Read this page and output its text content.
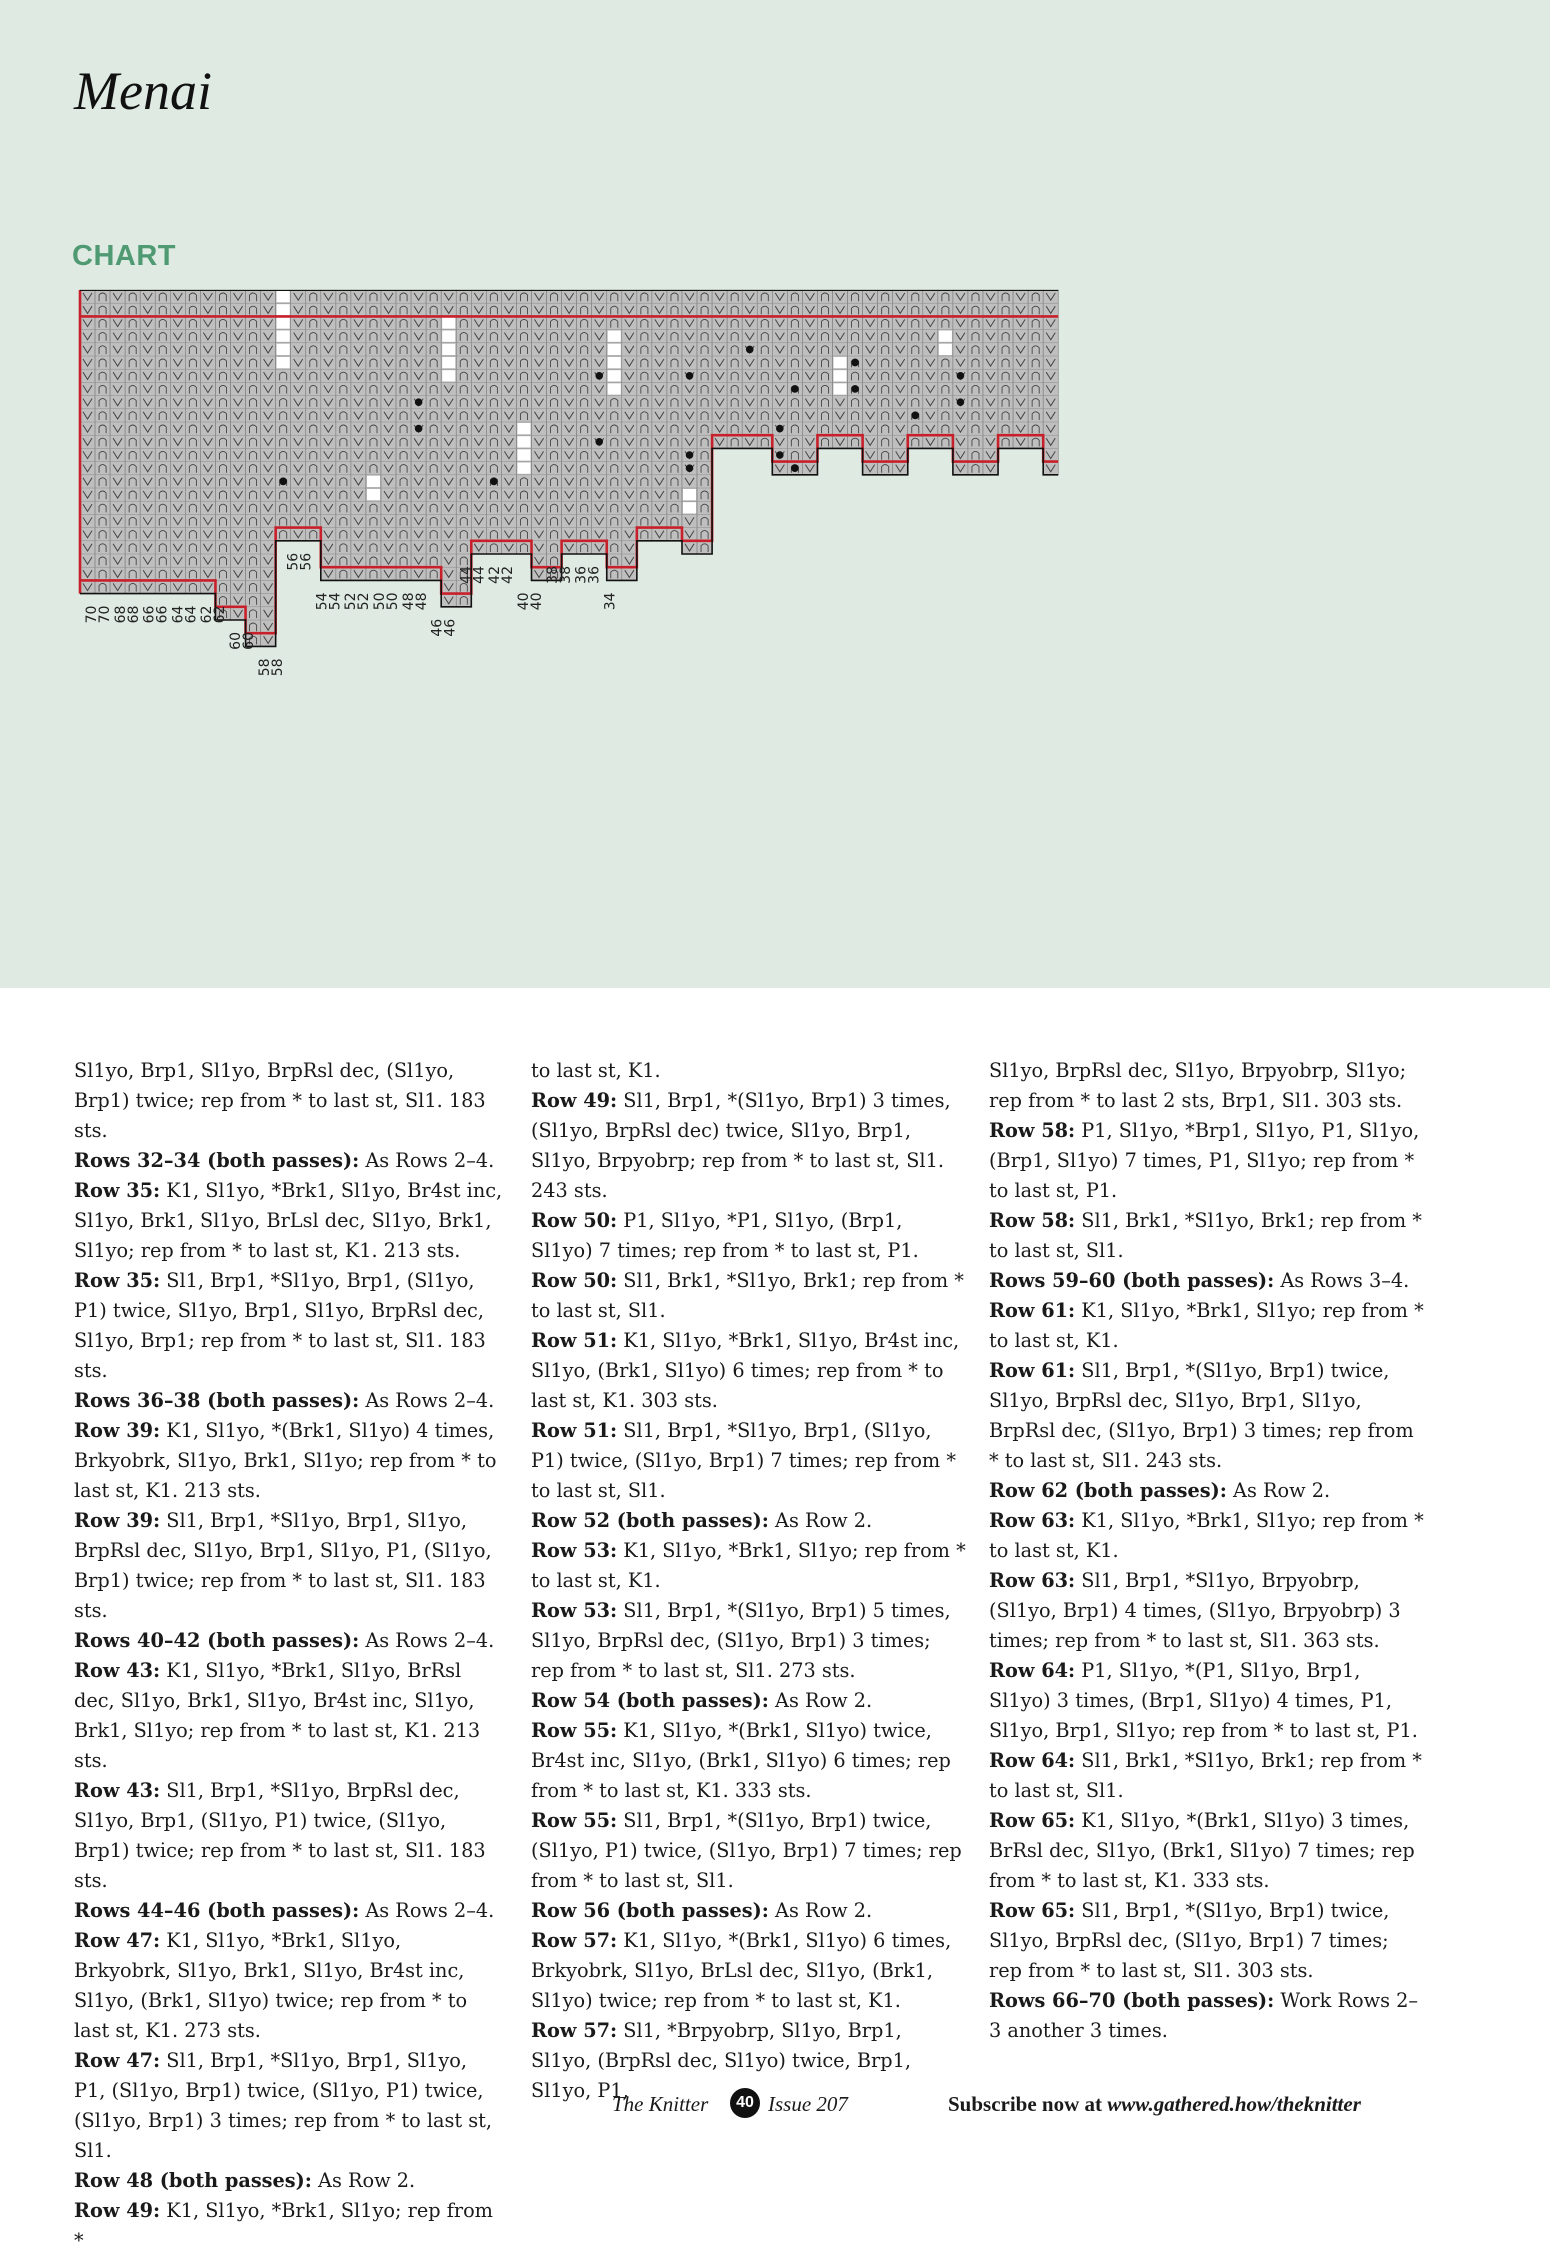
Menai
CHART
70
70 68
68 66
66 64
64 62
62
60
60
58
58
56
56
54
54 52
52 50
50 48
48
46
46
44
44 42
42
40
40
38
38 36
36
34

Sl1yo, Brp1, Sl1yo, BrpRsl dec, (Sl1yo, Brp1) twice; rep from * to last st, Sl1. 183 sts.

Rows 32–34 (both passes): As Rows 2–4.

Row 35: K1, Sl1yo, *Brk1, Sl1yo, Br4st inc, Sl1yo, Brk1, Sl1yo, BrLsl dec, Sl1yo, Brk1, Sl1yo; rep from * to last st, K1. 213 sts.

Row 35: Sl1, Brp1, *Sl1yo, Brp1, (Sl1yo, P1) twice, Sl1yo, Brp1, Sl1yo, BrpRsl dec, Sl1yo, Brp1; rep from * to last st, Sl1. 183 sts.

Rows 36–38 (both passes): As Rows 2–4.

Row 39: K1, Sl1yo, *(Brk1, Sl1yo) 4 times, Brkyobrk, Sl1yo, Brk1, Sl1yo; rep from * to last st, K1. 213 sts.

Row 39: Sl1, Brp1, *Sl1yo, Brp1, Sl1yo, BrpRsl dec, Sl1yo, Brp1, Sl1yo, P1, (Sl1yo, Brp1) twice; rep from * to last st, Sl1. 183 sts.

Rows 40–42 (both passes): As Rows 2–4.

Row 43: K1, Sl1yo, *Brk1, Sl1yo, BrRsl dec, Sl1yo, Brk1, Sl1yo, Br4st inc, Sl1yo, Brk1, Sl1yo; rep from * to last st, K1. 213 sts.

Row 43: Sl1, Brp1, *Sl1yo, BrpRsl dec, Sl1yo, Brp1, (Sl1yo, P1) twice, (Sl1yo, Brp1) twice; rep from * to last st, Sl1. 183 sts.

Rows 44–46 (both passes): As Rows 2–4.

Row 47: K1, Sl1yo, *Brk1, Sl1yo, Brkyobrk, Sl1yo, Brk1, Sl1yo, Br4st inc, Sl1yo, (Brk1, Sl1yo) twice; rep from * to last st, K1. 273 sts.

Row 47: Sl1, Brp1, *Sl1yo, Brp1, Sl1yo, P1, (Sl1yo, Brp1) twice, (Sl1yo, P1) twice, (Sl1yo, Brp1) 3 times; rep from * to last st, Sl1.

Row 48 (both passes): As Row 2.

Row 49: K1, Sl1yo, *Brk1, Sl1yo; rep from *

to last st, K1.

Row 49: Sl1, Brp1, *(Sl1yo, Brp1) 3 times, (Sl1yo, BrpRsl dec) twice, Sl1yo, Brp1, Sl1yo, Brpyobrp; rep from * to last st, Sl1. 243 sts.

Row 50: P1, Sl1yo, *P1, Sl1yo, (Brp1, Sl1yo) 7 times; rep from * to last st, P1.

Row 50: Sl1, Brk1, *Sl1yo, Brk1; rep from * to last st, Sl1.

Row 51: K1, Sl1yo, *Brk1, Sl1yo, Br4st inc, Sl1yo, (Brk1, Sl1yo) 6 times; rep from * to last st, K1. 303 sts.

Row 51: Sl1, Brp1, *Sl1yo, Brp1, (Sl1yo, P1) twice, (Sl1yo, Brp1) 7 times; rep from * to last st, Sl1.

Row 52 (both passes): As Row 2.

Row 53: K1, Sl1yo, *Brk1, Sl1yo; rep from * to last st, K1.

Row 53: Sl1, Brp1, *(Sl1yo, Brp1) 5 times, Sl1yo, BrpRsl dec, (Sl1yo, Brp1) 3 times; rep from * to last st, Sl1. 273 sts.

Row 54 (both passes): As Row 2.

Row 55: K1, Sl1yo, *(Brk1, Sl1yo) twice, Br4st inc, Sl1yo, (Brk1, Sl1yo) 6 times; rep from * to last st, K1. 333 sts.

Row 55: Sl1, Brp1, *(Sl1yo, Brp1) twice, (Sl1yo, P1) twice, (Sl1yo, Brp1) 7 times; rep from * to last st, Sl1.

Row 56 (both passes): As Row 2.

Row 57: K1, Sl1yo, *(Brk1, Sl1yo) 6 times, Brkyobrk, Sl1yo, BrLsl dec, Sl1yo, (Brk1, Sl1yo) twice; rep from * to last st, K1.

Row 57: Sl1, *Brpyobrp, Sl1yo, Brp1, Sl1yo, (BrpRsl dec, Sl1yo) twice, Brp1, Sl1yo, P1,

Sl1yo, BrpRsl dec, Sl1yo, Brpyobrp, Sl1yo; rep from * to last 2 sts, Brp1, Sl1. 303 sts.

Row 58: P1, Sl1yo, *Brp1, Sl1yo, P1, Sl1yo, (Brp1, Sl1yo) 7 times, P1, Sl1yo; rep from * to last st, P1.

Row 58: Sl1, Brk1, *Sl1yo, Brk1; rep from * to last st, Sl1.

Rows 59–60 (both passes): As Rows 3–4.

Row 61: K1, Sl1yo, *Brk1, Sl1yo; rep from * to last st, K1.

Row 61: Sl1, Brp1, *(Sl1yo, Brp1) twice, Sl1yo, BrpRsl dec, Sl1yo, Brp1, Sl1yo, BrpRsl dec, (Sl1yo, Brp1) 3 times; rep from * to last st, Sl1. 243 sts.

Row 62 (both passes): As Row 2.

Row 63: K1, Sl1yo, *Brk1, Sl1yo; rep from * to last st, K1.

Row 63: Sl1, Brp1, *Sl1yo, Brpyobrp, (Sl1yo, Brp1) 4 times, (Sl1yo, Brpyobrp) 3 times; rep from * to last st, Sl1. 363 sts.

Row 64: P1, Sl1yo, *(P1, Sl1yo, Brp1, Sl1yo) 3 times, (Brp1, Sl1yo) 4 times, P1, Sl1yo, Brp1, Sl1yo; rep from * to last st, P1.

Row 64: Sl1, Brk1, *Sl1yo, Brk1; rep from * to last st, Sl1.

Row 65: K1, Sl1yo, *(Brk1, Sl1yo) 3 times, BrRsl dec, Sl1yo, (Brk1, Sl1yo) 7 times; rep from * to last st, K1. 333 sts.

Row 65: Sl1, Brp1, *(Sl1yo, Brp1) twice, Sl1yo, BrpRsl dec, (Sl1yo, Brp1) 7 times; rep from * to last st, Sl1. 303 sts.

Rows 66–70 (both passes): Work Rows 2–3 another 3 times.

The Knitter	40 Issue 207	Subscribe now at www.gathered.how/theknitter
